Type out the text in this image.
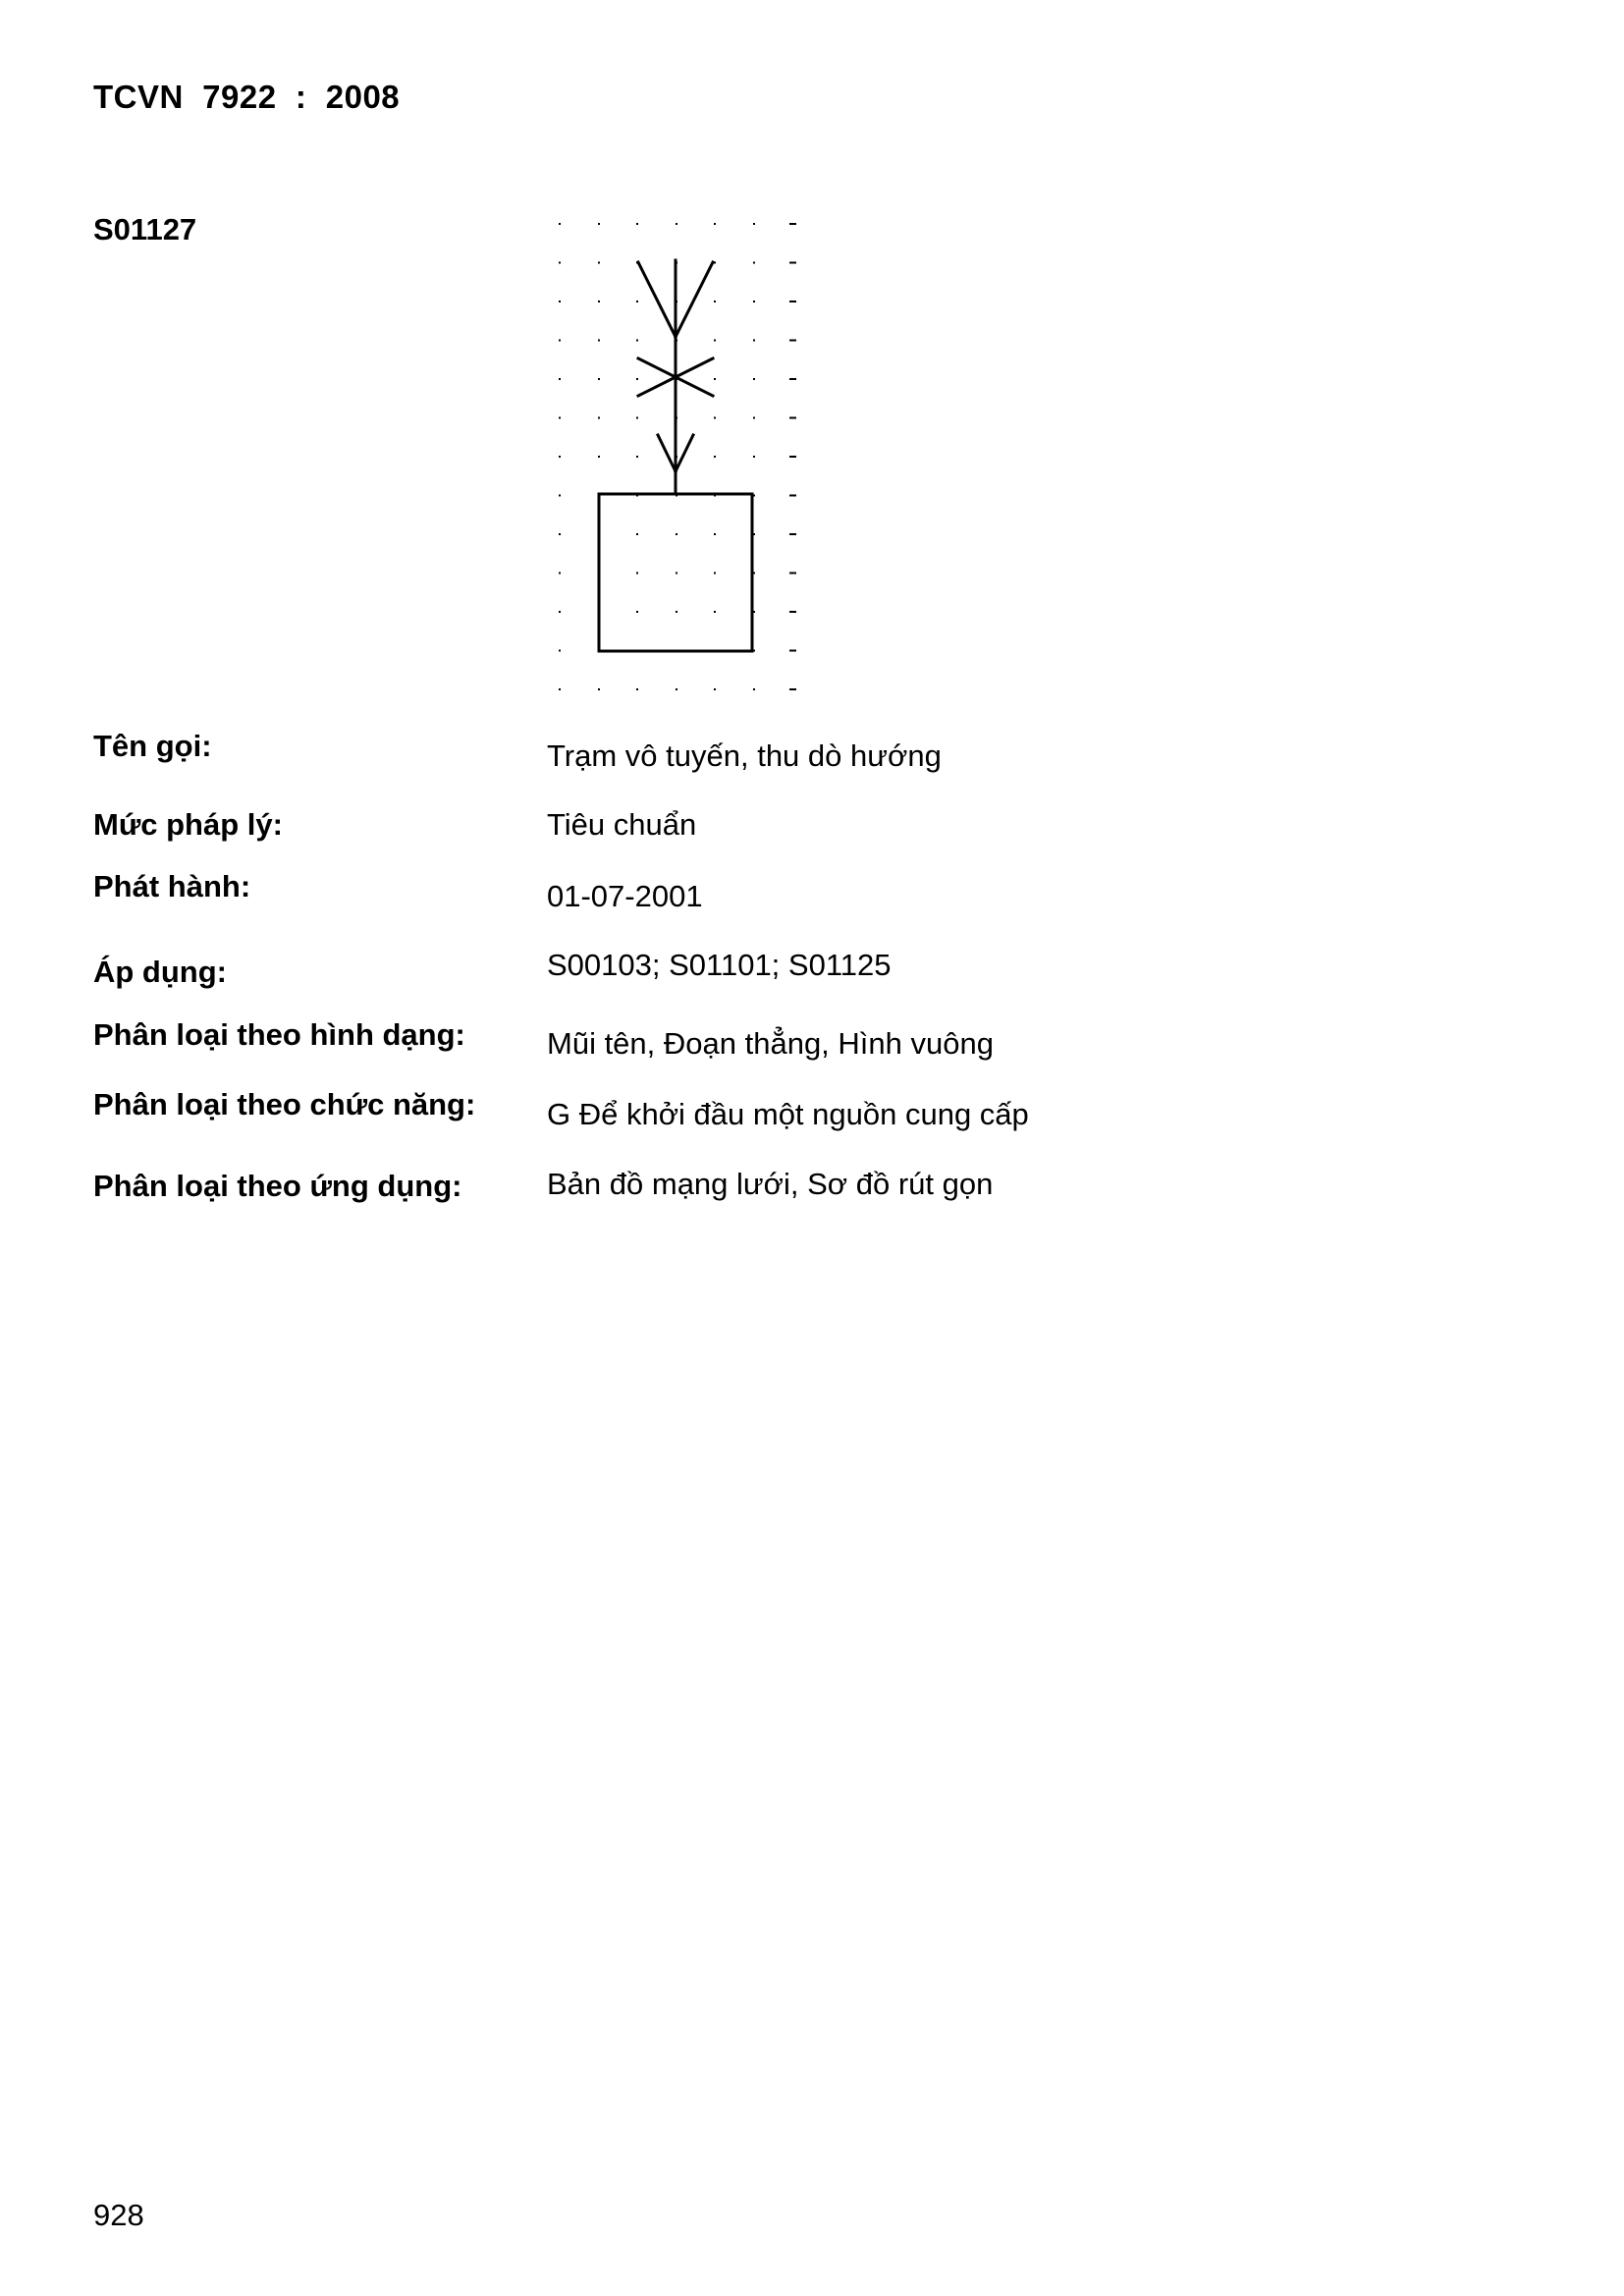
TCVN  7922  :  2008
S01127
Tên gọi:	Trạm vô tuyến, thu dò hướng
Mức pháp lý:	Tiêu chuẩn
Phát hành:	01-07-2001
Áp dụng:	S00103; S01101; S01125
Phân loại theo hình dạng:	Mũi tên, Đoạn thẳng, Hình vuông
Phân loại theo chức năng: G Để khởi đầu một nguồn cung cấp
Phân loại theo ứng dụng:	Bản đồ mạng lưới, Sơ đồ rút gọn
928
